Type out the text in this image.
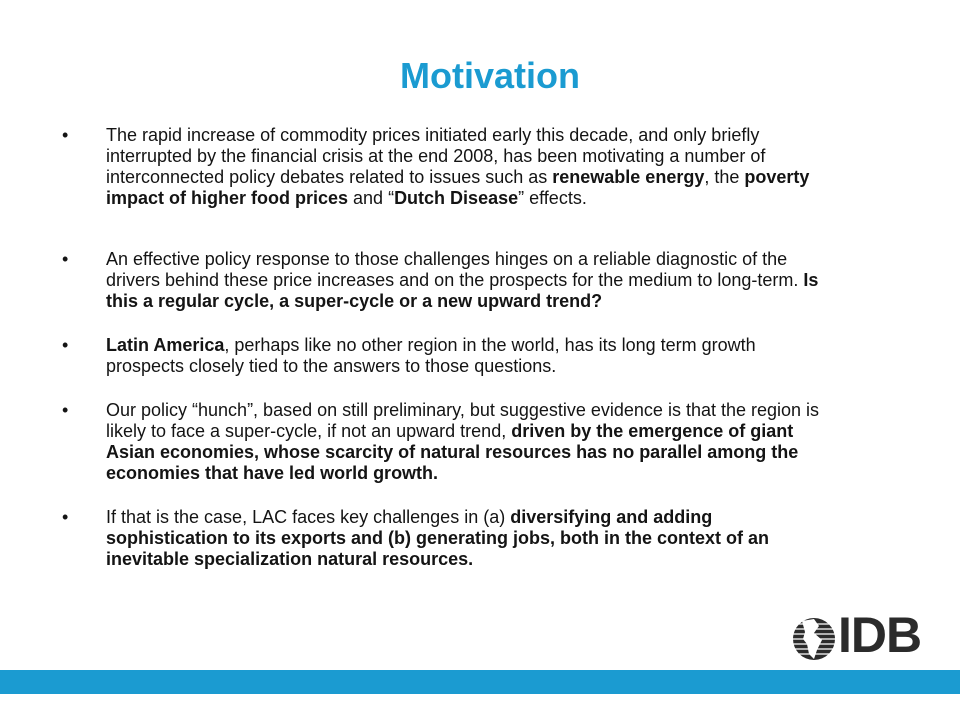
Motivation
• The rapid increase of commodity prices initiated early this decade, and only briefly interrupted by the financial crisis at the end 2008, has been motivating a number of interconnected policy debates related to issues such as renewable energy, the poverty impact of higher food prices and “Dutch Disease” effects.
• An effective policy response to those challenges hinges on a reliable diagnostic of the drivers behind these price increases and on the prospects for the medium to long-term. Is this a regular cycle, a super-cycle or a new upward trend?
• Latin America, perhaps like no other region in the world, has its long term growth prospects closely tied to the answers to those questions.
• Our policy “hunch”, based on still preliminary, but suggestive evidence is that the region is likely to face a super-cycle, if not an upward trend, driven by the emergence of giant Asian economies, whose scarcity of natural resources has no parallel among the economies that have led world growth.
• If that is the case, LAC faces key challenges in (a) diversifying and adding sophistication to its exports and (b) generating jobs, both in the context of an inevitable specialization natural resources.
IDB
